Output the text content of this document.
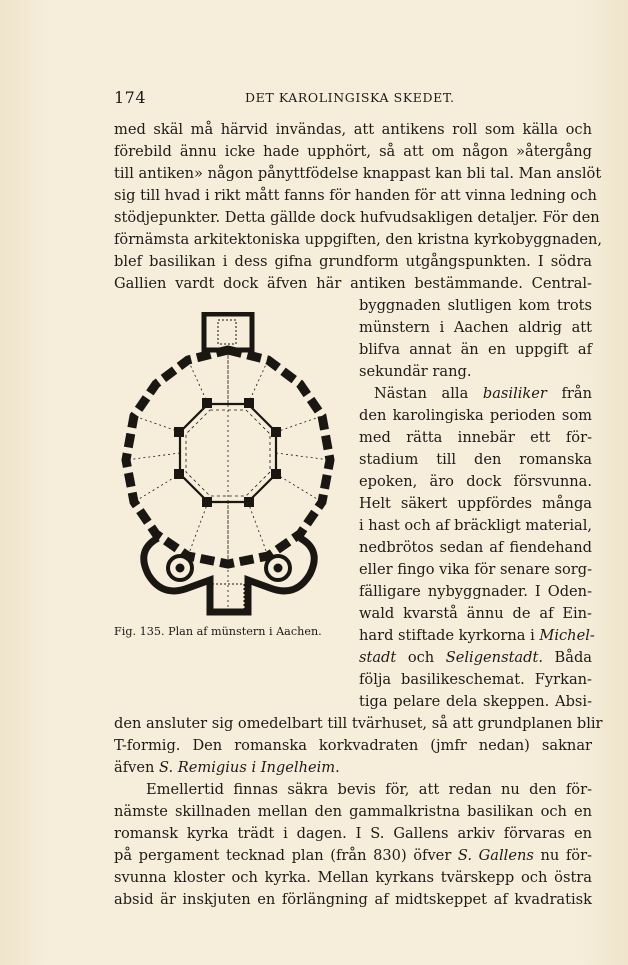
174	DET KAROLINGISKA SKEDET.
med skäl må härvid invändas, att antikens roll som källa och
förebild ännu icke hade upphört, så att om någon »återgång
till antiken» någon pånyttfödelse knappast kan bli tal. Man anslöt
sig till hvad i rikt mått fanns för handen för att vinna ledning och
stödjepunkter. Detta gällde dock hufvudsakligen detaljer. För den
förnämsta arkitektoniska uppgiften, den kristna kyrkobyggnaden,
blef basilikan i dess gifna grundform utgångspunkten. I södra
Gallien vardt dock äfven här antiken bestämmande. Central-
byggnaden slutligen kom trots
münstern i Aachen aldrig att
blifva annat än en uppgift af
sekundär rang.
Nästan alla basiliker från
den karolingiska perioden som
med rätta innebär ett för-
stadium till den romanska
epoken, äro dock försvunna.
Helt säkert uppfördes många
i hast och af bräckligt material,
nedbrötos sedan af fiendehand
eller fingo vika för senare sorg-
fälligare nybyggnader. I Oden-
wald kvarstå ännu de af Ein-
hard stiftade kyrkorna i Michel-
stadt och Seligenstadt. Båda
följa basilikeschemat. Fyrkan-
tiga pelare dela skeppen. Absi-
den ansluter sig omedelbart till tvärhuset, så att grundplanen blir
T-formig. Den romanska korkvadraten (jmfr nedan) saknar
äfven S. Remigius i Ingelheim.
Emellertid finnas säkra bevis för, att redan nu den för-
nämste skillnaden mellan den gammalkristna basilikan och en
romansk kyrka trädt i dagen. I S. Gallens arkiv förvaras en
på pergament tecknad plan (från 830) öfver S. Gallens nu för-
svunna kloster och kyrka. Mellan kyrkans tvärskepp och östra
absid är inskjuten en förlängning af midtskeppet af kvadratisk
Fig. 135. Plan af münstern i Aachen.
